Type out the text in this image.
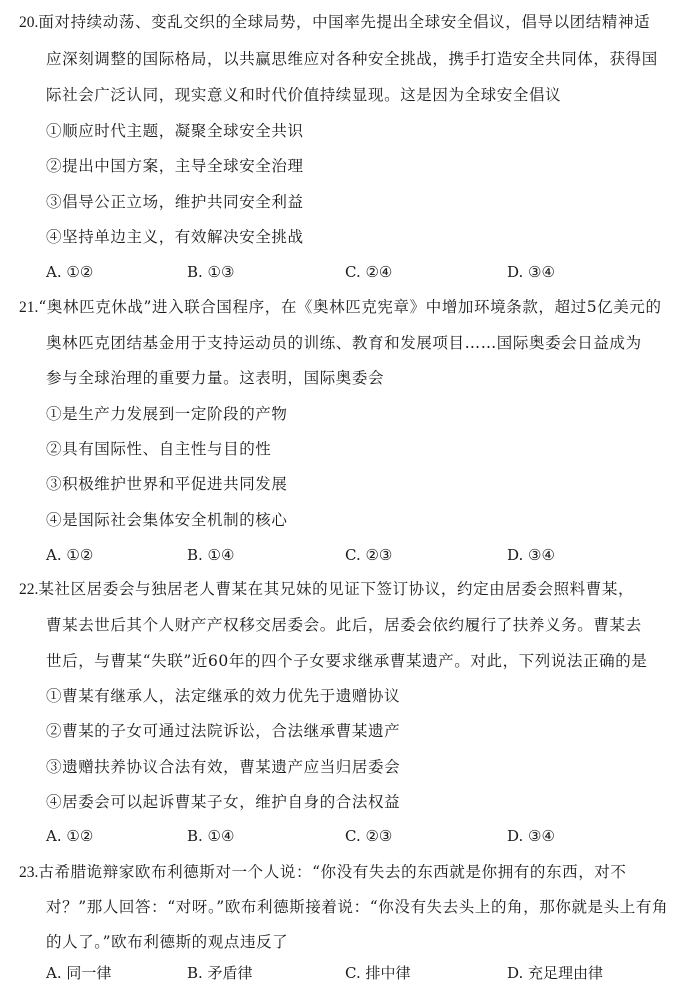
20.面对持续动荡、变乱交织的全球局势，中国率先提出全球安全倡议，倡导以团结精神适
应深刻调整的国际格局，以共赢思维应对各种安全挑战，携手打造安全共同体，获得国
际社会广泛认同，现实意义和时代价值持续显现。这是因为全球安全倡议
①顺应时代主题，凝聚全球安全共识
②提出中国方案，主导全球安全治理
③倡导公正立场，维护共同安全利益
④坚持单边主义，有效解决安全挑战
A. ①②	B. ①③	C. ②④	D. ③④
21.“奥林匹克休战”进入联合国程序，在《奥林匹克宪章》中增加环境条款，超过5亿美元的
奥林匹克团结基金用于支持运动员的训练、教育和发展项目……国际奥委会日益成为
参与全球治理的重要力量。这表明，国际奥委会
①是生产力发展到一定阶段的产物
②具有国际性、自主性与目的性
③积极维护世界和平促进共同发展
④是国际社会集体安全机制的核心
A. ①②	B. ①④	C. ②③	D. ③④
22.某社区居委会与独居老人曹某在其兄妹的见证下签订协议，约定由居委会照料曹某，
曹某去世后其个人财产产权移交居委会。此后，居委会依约履行了扶养义务。曹某去
世后，与曹某“失联”近60年的四个子女要求继承曹某遗产。对此，下列说法正确的是
①曹某有继承人，法定继承的效力优先于遗赠协议
②曹某的子女可通过法院诉讼，合法继承曹某遗产
③遗赠扶养协议合法有效，曹某遗产应当归居委会
④居委会可以起诉曹某子女，维护自身的合法权益
A. ①②	B. ①④	C. ②③	D. ③④
23.古希腊诡辩家欧布利德斯对一个人说：“你没有失去的东西就是你拥有的东西，对不
对？”那人回答：“对呀。”欧布利德斯接着说：“你没有失去头上的角，那你就是头上有角
的人了。”欧布利德斯的观点违反了
A. 同一律	B. 矛盾律	C. 排中律	D. 充足理由律
